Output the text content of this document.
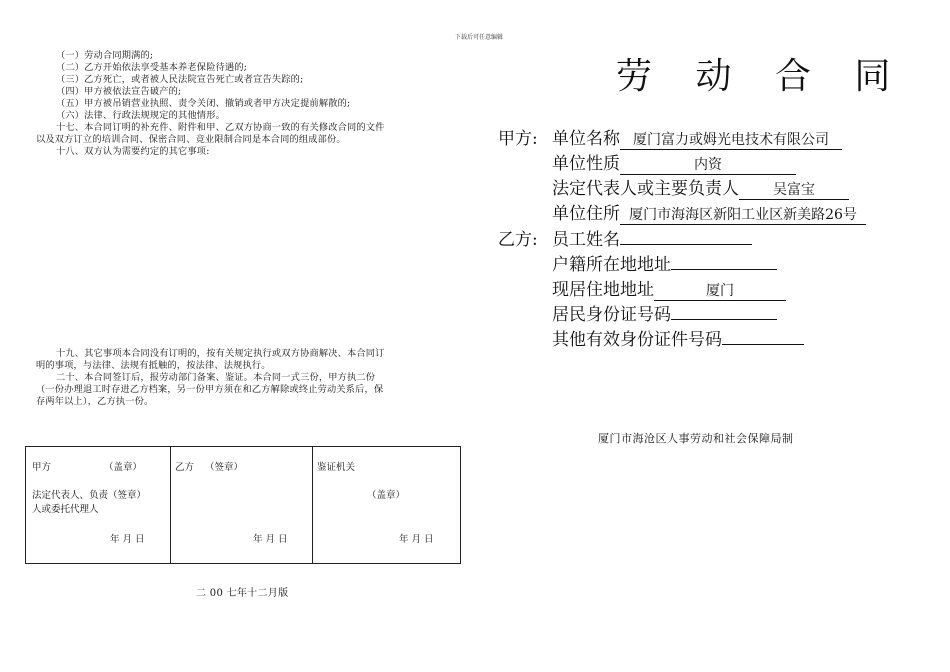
下载后可任意编辑
（一）劳动合同期满的;
（二）乙方开始依法享受基本养老保险待遇的;
（三）乙方死亡，或者被人民法院宣告死亡或者宣告失踪的;
（四）甲方被依法宣告破产的;
（五）甲方被吊销营业执照、责令关闭、撤销或者甲方决定提前解散的;
（六）法律、行政法规规定的其他情形。
十七、本合同订明的补充件、附件和甲、乙双方协商一致的有关修改合同的文件
以及双方订立的培训合同、保密合同、竞业限制合同是本合同的组成部份。
十八、双方认为需要约定的其它事项:
十九、其它事项本合同没有订明的，按有关规定执行或双方协商解决、本合同订
明的事项，与法律、法规有抵触的，按法律、法规执行。
二十、本合同签订后，报劳动部门备案、鉴证。本合同一式三份，甲方执二份
（一份办理退工时存进乙方档案，另一份甲方须在和乙方解除或终止劳动关系后，保
存两年以上），乙方执一份。
甲方	（盖章）
法定代表人、负责（签章）
人或委托代理人
年 月 日
乙方 （签章）
年 月 日
鉴证机关
（盖章）
年 月 日
二 00 七年十二月版
劳 动 合 同
甲方: 单位名称 厦门富力或姆光电技术有限公司
单位性质	内资
法定代表人或主要负责人 吴富宝
单位住所 厦门市海海区新阳工业区新美路26号
乙方: 员工姓名
户籍所在地地址
现居住地地址	厦门
居民身份证号码
其他有效身份证件号码
厦门市海沧区人事劳动和社会保障局制
